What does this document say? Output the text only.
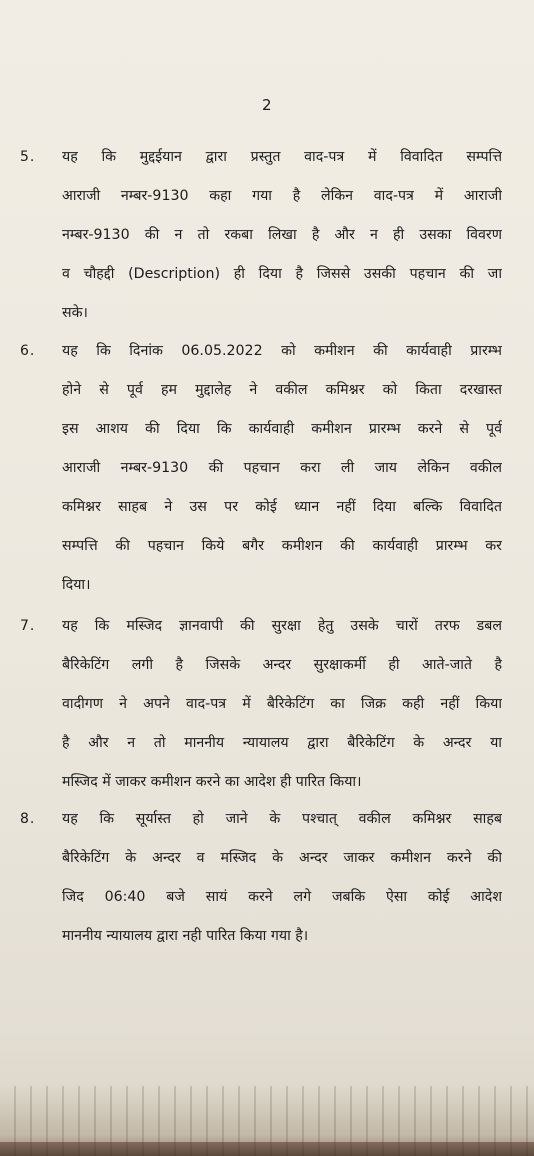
2
5. यह कि मुद्दईयान द्वारा प्रस्तुत वाद-पत्र में विवादित सम्पत्ति
आराजी नम्बर-9130 कहा गया है लेकिन वाद-पत्र में आराजी
नम्बर-9130 की न तो रकबा लिखा है और न ही उसका विवरण
व चौहद्दी (Description) ही दिया है जिससे उसकी पहचान की जा
सके।
6. यह कि दिनांक 06.05.2022 को कमीशन की कार्यवाही प्रारम्भ
होने से पूर्व हम मुद्दालेह ने वकील कमिश्नर को किता दरखास्त
इस आशय की दिया कि कार्यवाही कमीशन प्रारम्भ करने से पूर्व
आराजी नम्बर-9130 की पहचान करा ली जाय लेकिन वकील
कमिश्नर साहब ने उस पर कोई ध्यान नहीं दिया बल्कि विवादित
सम्पत्ति की पहचान किये बगैर कमीशन की कार्यवाही प्रारम्भ कर
दिया।
7. यह कि मस्जिद ज्ञानवापी की सुरक्षा हेतु उसके चारों तरफ डबल
बैरिकेटिंग लगी है जिसके अन्दर सुरक्षाकर्मी ही आते-जाते है
वादीगण ने अपने वाद-पत्र में बैरिकेटिंग का जिक्र कही नहीं किया
है और न तो माननीय न्यायालय द्वारा बैरिकेटिंग के अन्दर या
मस्जिद में जाकर कमीशन करने का आदेश ही पारित किया।
8. यह कि सूर्यास्त हो जाने के पश्चात् वकील कमिश्नर साहब
बैरिकेटिंग के अन्दर व मस्जिद के अन्दर जाकर कमीशन करने की
जिद 06:40 बजे सायं करने लगे जबकि ऐसा कोई आदेश
माननीय न्यायालय द्वारा नही पारित किया गया है।
